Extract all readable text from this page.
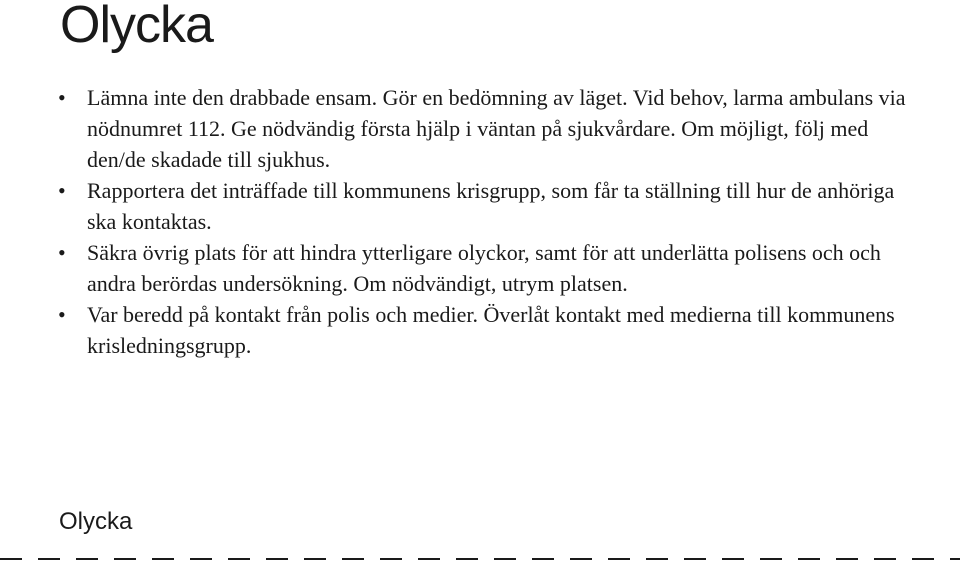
Olycka
• Lämna inte den drabbade ensam. Gör en bedömning av läget. Vid behov, larma ambulans via nödnumret 112. Ge nödvändig första hjälp i väntan på sjukvårdare. Om möjligt, följ med den/de skadade till sjukhus.
• Rapportera det inträffade till kommunens krisgrupp, som får ta ställning till hur de anhöriga ska kontaktas.
• Säkra övrig plats för att hindra ytterligare olyckor, samt för att underlätta polisens och och andra berördas undersökning. Om nödvändigt, utrym platsen.
• Var beredd på kontakt från polis och medier. Överlåt kontakt med medierna till kommunens krisledningsgrupp.

Olycka
